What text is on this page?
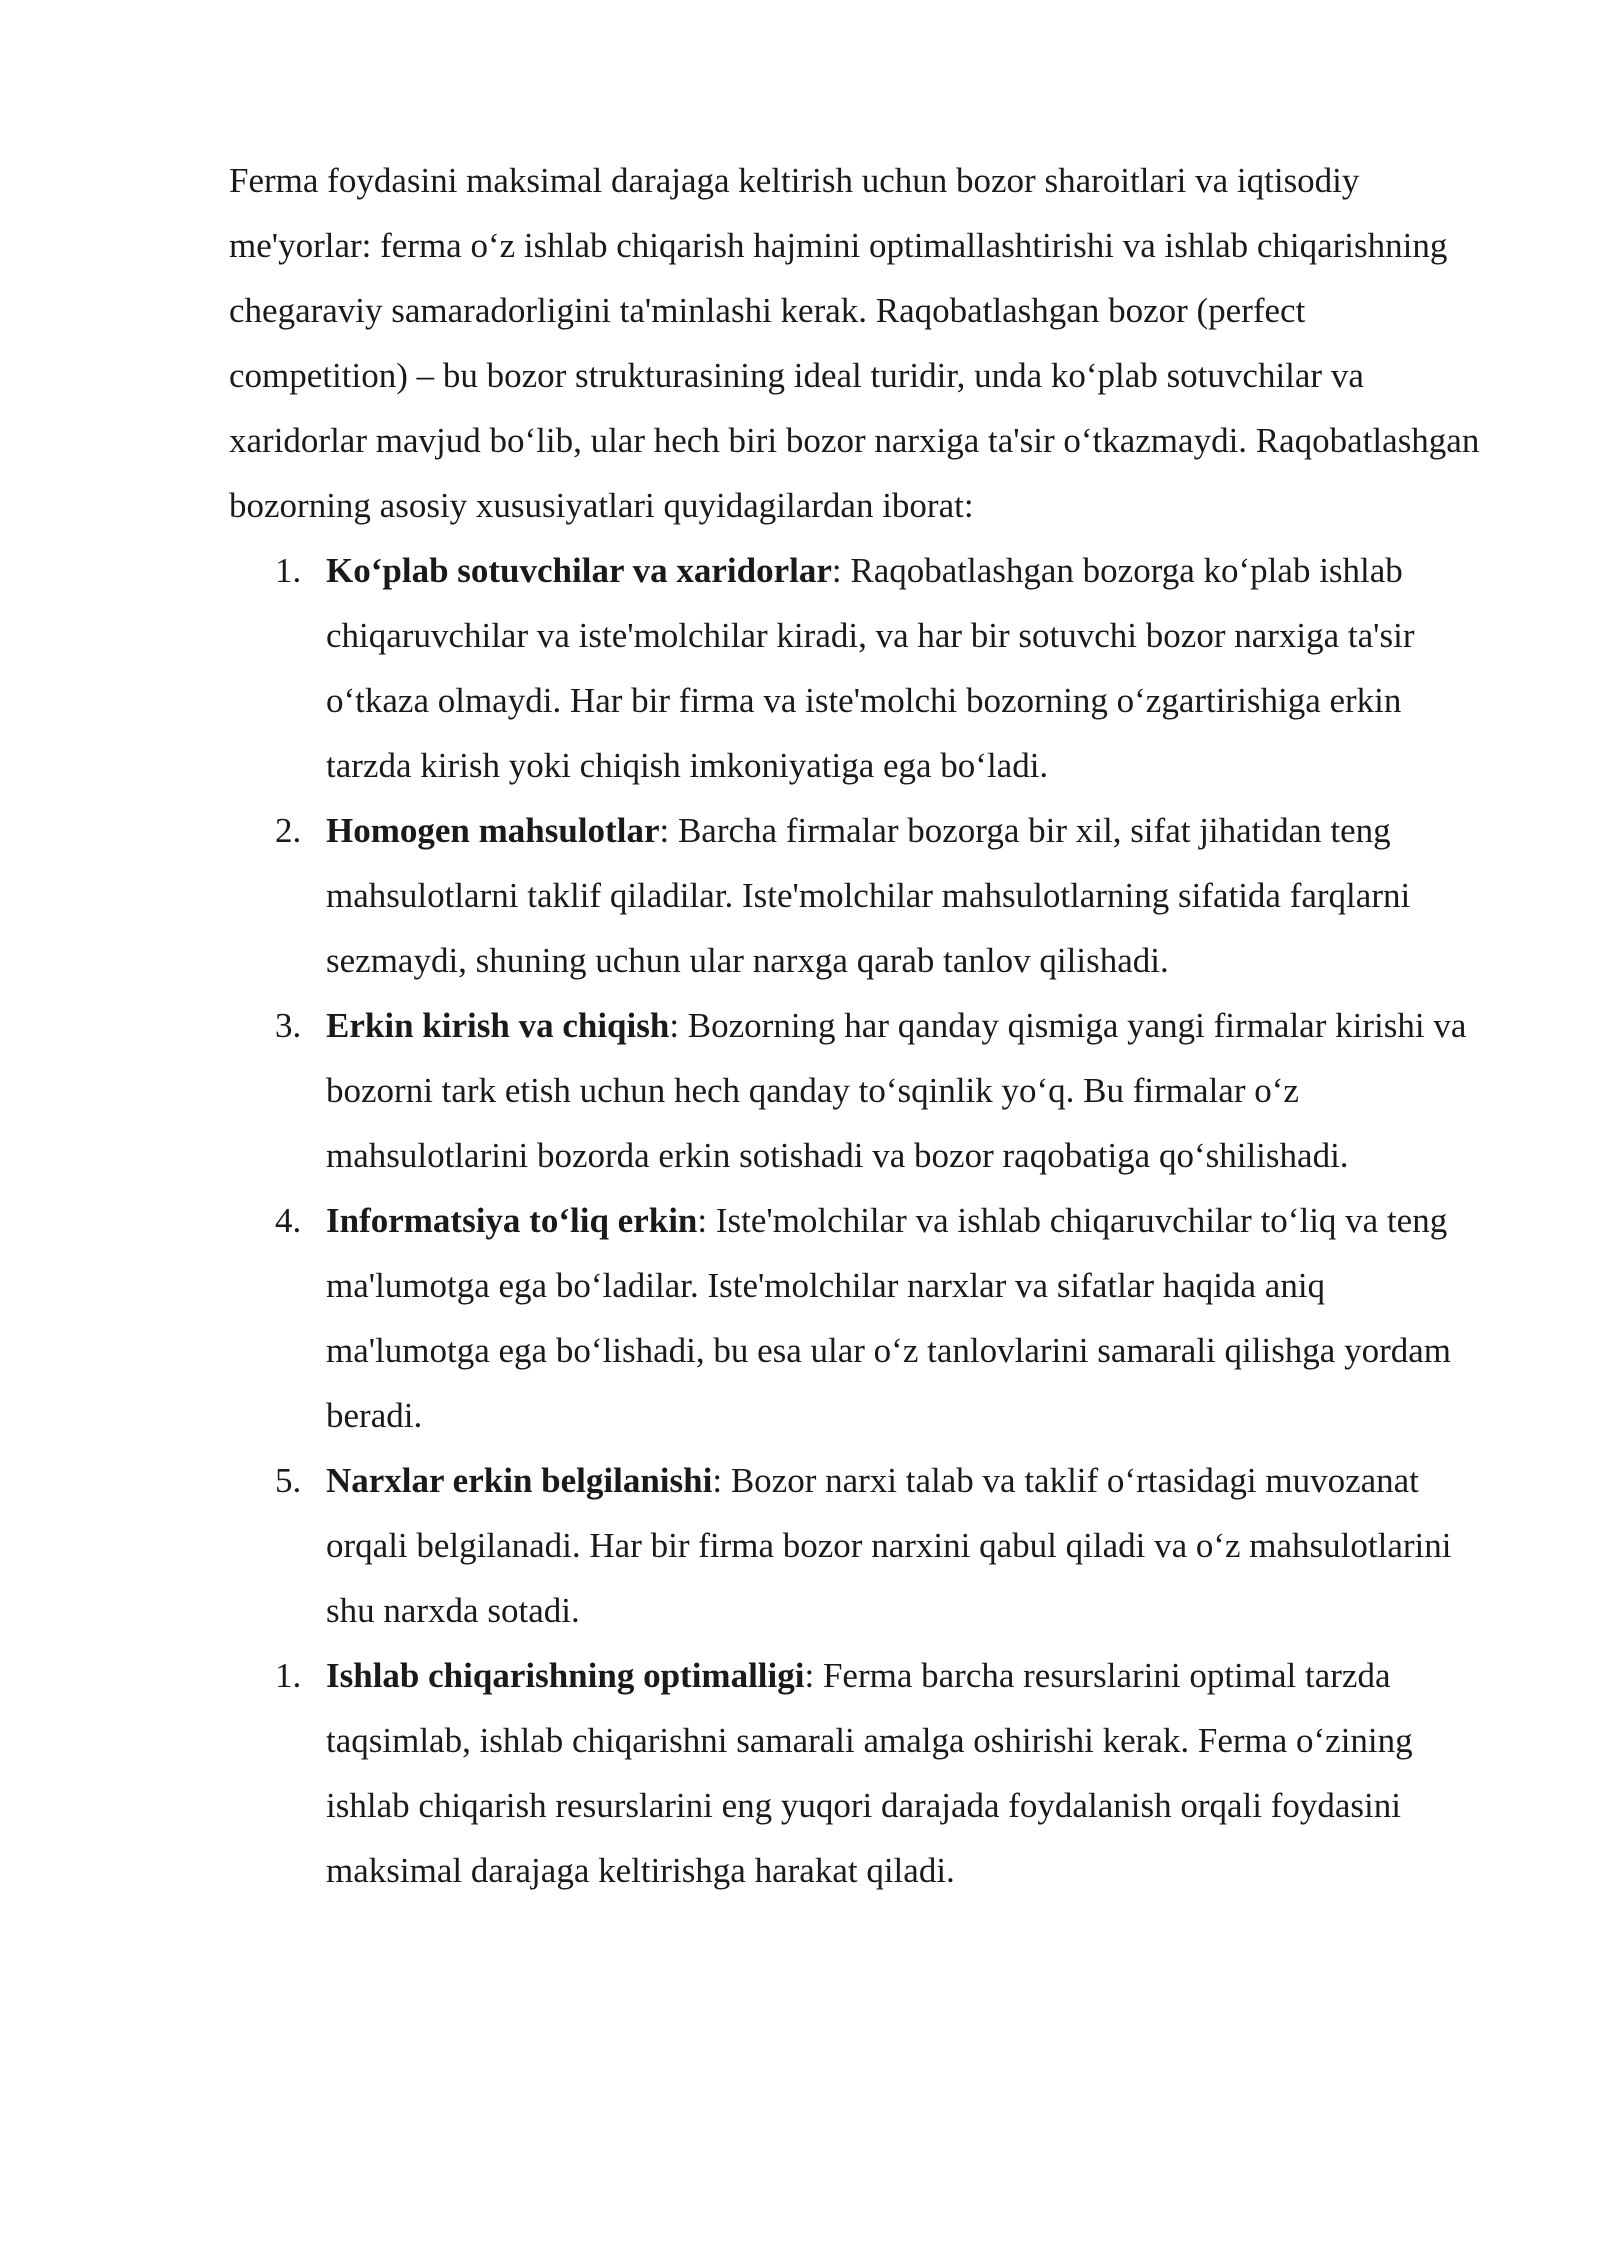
Ferma foydasini maksimal darajaga keltirish uchun bozor sharoitlari va iqtisodiy me'yorlar: ferma o‘z ishlab chiqarish hajmini optimallashtirishi va ishlab chiqarishning chegaraviy samaradorligini ta'minlashi kerak. Raqobatlashgan bozor (perfect competition) – bu bozor strukturasining ideal turidir, unda ko‘plab sotuvchilar va xaridorlar mavjud bo‘lib, ular hech biri bozor narxiga ta'sir o‘tkazmaydi. Raqobatlashgan bozorning asosiy xususiyatlari quyidagilardan iborat:

1. Ko‘plab sotuvchilar va xaridorlar: Raqobatlashgan bozorga ko‘plab ishlab chiqaruvchilar va iste'molchilar kiradi, va har bir sotuvchi bozor narxiga ta'sir o‘tkaza olmaydi. Har bir firma va iste'molchi bozorning o‘zgartirishiga erkin tarzda kirish yoki chiqish imkoniyatiga ega bo‘ladi.
2. Homogen mahsulotlar: Barcha firmalar bozorga bir xil, sifat jihatidan teng mahsulotlarni taklif qiladilar. Iste'molchilar mahsulotlarning sifatida farqlarni sezmaydi, shuning uchun ular narxga qarab tanlov qilishadi.
3. Erkin kirish va chiqish: Bozorning har qanday qismiga yangi firmalar kirishi va bozorni tark etish uchun hech qanday to‘sqinlik yo‘q. Bu firmalar o‘z mahsulotlarini bozorda erkin sotishadi va bozor raqobatiga qo‘shilishadi.
4. Informatsiya to‘liq erkin: Iste'molchilar va ishlab chiqaruvchilar to‘liq va teng ma'lumotga ega bo‘ladilar. Iste'molchilar narxlar va sifatlar haqida aniq ma'lumotga ega bo‘lishadi, bu esa ular o‘z tanlovlarini samarali qilishga yordam beradi.
5. Narxlar erkin belgilanishi: Bozor narxi talab va taklif o‘rtasidagi muvozanat orqali belgilanadi. Har bir firma bozor narxini qabul qiladi va o‘z mahsulotlarini shu narxda sotadi.
1. Ishlab chiqarishning optimalligi: Ferma barcha resurslarini optimal tarzda taqsimlab, ishlab chiqarishni samarali amalga oshirishi kerak. Ferma o‘zining ishlab chiqarish resurslarini eng yuqori darajada foydalanish orqali foydasini maksimal darajaga keltirishga harakat qiladi.
